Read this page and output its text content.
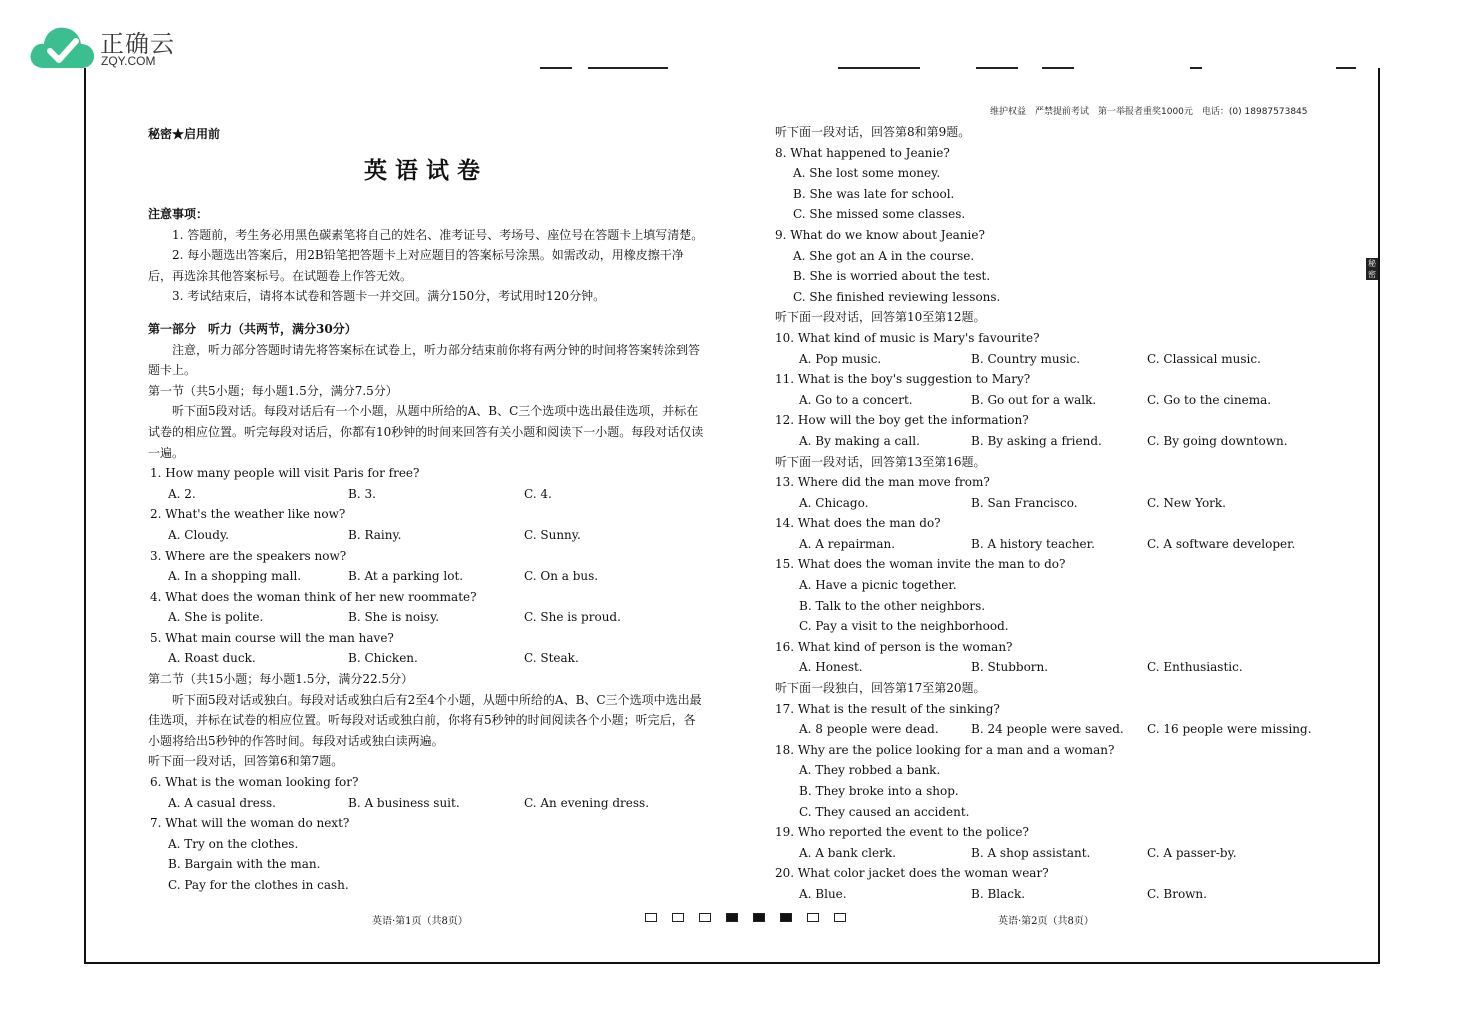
正确云
ZQY.COM
秘密
维护权益　严禁提前考试　第一举报者重奖1000元　电话：(0) 18987573845
秘密★启用前
英语试卷
注意事项：
1. 答题前，考生务必用黑色碳素笔将自己的姓名、准考证号、考场号、座位号在答题卡上填写清楚。
2. 每小题选出答案后，用2B铅笔把答题卡上对应题目的答案标号涂黑。如需改动，用橡皮擦干净后，再选涂其他答案标号。在试题卷上作答无效。
3. 考试结束后，请将本试卷和答题卡一并交回。满分150分，考试用时120分钟。
第一部分　听力（共两节，满分30分）
注意，听力部分答题时请先将答案标在试卷上，听力部分结束前你将有两分钟的时间将答案转涂到答题卡上。
第一节（共5小题；每小题1.5分，满分7.5分）
听下面5段对话。每段对话后有一个小题，从题中所给的A、B、C三个选项中选出最佳选项，并标在试卷的相应位置。听完每段对话后，你都有10秒钟的时间来回答有关小题和阅读下一小题。每段对话仅读一遍。
1. How many people will visit Paris for free?
A. 2.	B. 3.	C. 4.
2. What's the weather like now?
A. Cloudy.	B. Rainy.	C. Sunny.
3. Where are the speakers now?
A. In a shopping mall.	B. At a parking lot.	C. On a bus.
4. What does the woman think of her new roommate?
A. She is polite.	B. She is noisy.	C. She is proud.
5. What main course will the man have?
A. Roast duck.	B. Chicken.	C. Steak.
第二节（共15小题；每小题1.5分，满分22.5分）
听下面5段对话或独白。每段对话或独白后有2至4个小题，从题中所给的A、B、C三个选项中选出最佳选项，并标在试卷的相应位置。听每段对话或独白前，你将有5秒钟的时间阅读各个小题；听完后，各小题将给出5秒钟的作答时间。每段对话或独白读两遍。
听下面一段对话，回答第6和第7题。
6. What is the woman looking for?
A. A casual dress.	B. A business suit.	C. An evening dress.
7. What will the woman do next?
A. Try on the clothes.
B. Bargain with the man.
C. Pay for the clothes in cash.
听下面一段对话，回答第8和第9题。
8. What happened to Jeanie?
A. She lost some money.
B. She was late for school.
C. She missed some classes.
9. What do we know about Jeanie?
A. She got an A in the course.
B. She is worried about the test.
C. She finished reviewing lessons.
听下面一段对话，回答第10至第12题。
10. What kind of music is Mary's favourite?
A. Pop music.	B. Country music.	C. Classical music.
11. What is the boy's suggestion to Mary?
A. Go to a concert.	B. Go out for a walk.	C. Go to the cinema.
12. How will the boy get the information?
A. By making a call.	B. By asking a friend.	C. By going downtown.
听下面一段对话，回答第13至第16题。
13. Where did the man move from?
A. Chicago.	B. San Francisco.	C. New York.
14. What does the man do?
A. A repairman.	B. A history teacher.	C. A software developer.
15. What does the woman invite the man to do?
A. Have a picnic together.
B. Talk to the other neighbors.
C. Pay a visit to the neighborhood.
16. What kind of person is the woman?
A. Honest.	B. Stubborn.	C. Enthusiastic.
听下面一段独白，回答第17至第20题。
17. What is the result of the sinking?
A. 8 people were dead.	B. 24 people were saved.	C. 16 people were missing.
18. Why are the police looking for a man and a woman?
A. They robbed a bank.
B. They broke into a shop.
C. They caused an accident.
19. Who reported the event to the police?
A. A bank clerk.	B. A shop assistant.	C. A passer-by.
20. What color jacket does the woman wear?
A. Blue.	B. Black.	C. Brown.
英语·第1页（共8页）	英语·第2页（共8页）
